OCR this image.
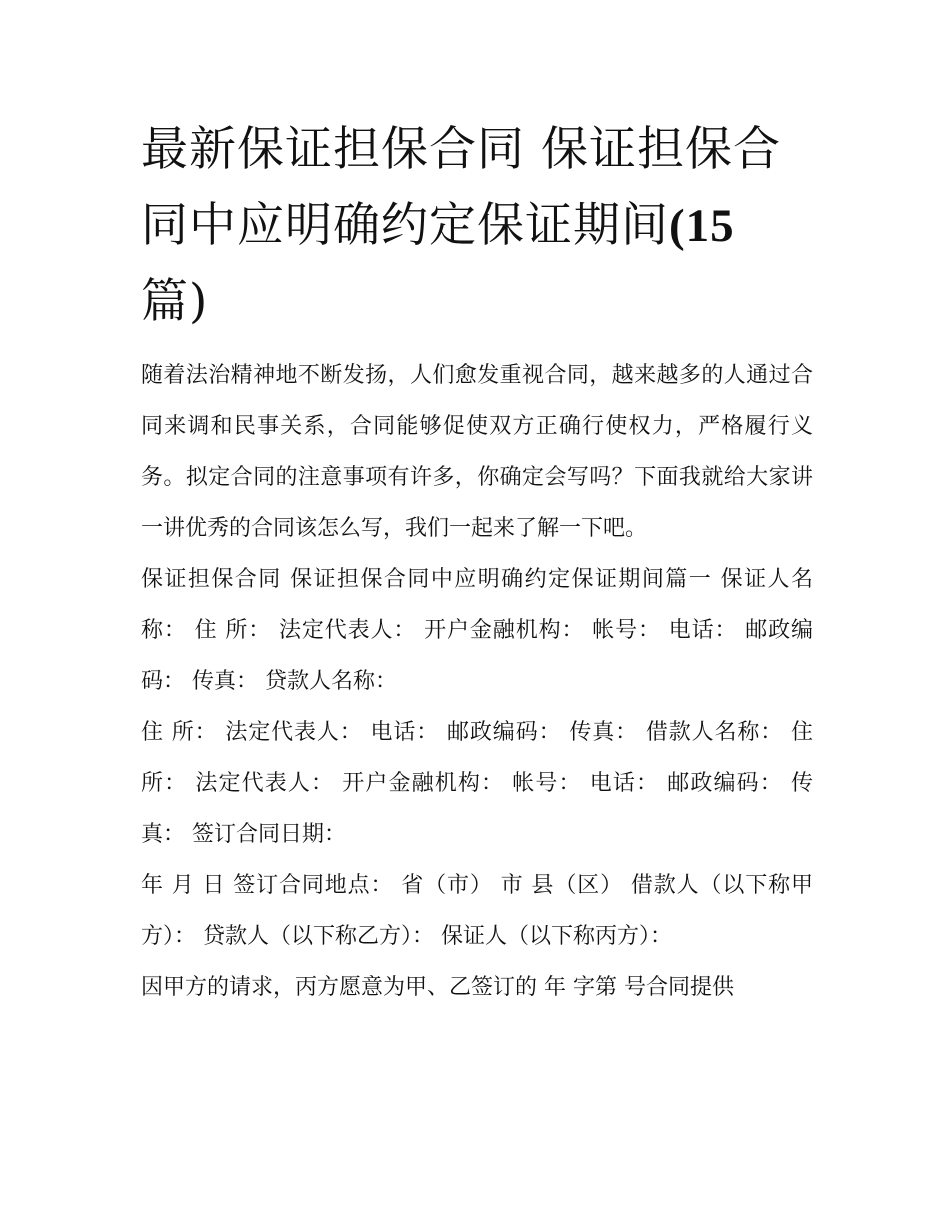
最新保证担保合同 保证担保合同中应明确约定保证期间(15
篇)

随着法治精神地不断发扬，人们愈发重视合同，越来越多的人通过合同来调和民事关系，合同能够促使双方正确行使权力，严格履行义务。拟定合同的注意事项有许多，你确定会写吗？下面我就给大家讲一讲优秀的合同该怎么写，我们一起来了解一下吧。

保证担保合同 保证担保合同中应明确约定保证期间篇一 保证人名称： 住 所： 法定代表人： 开户金融机构： 帐号： 电话： 邮政编码： 传真： 贷款人名称：

住 所： 法定代表人： 电话： 邮政编码： 传真： 借款人名称： 住 所： 法定代表人： 开户金融机构： 帐号： 电话： 邮政编码： 传真： 签订合同日期：

年 月 日 签订合同地点： 省（市） 市 县（区） 借款人（以下称甲方）： 贷款人（以下称乙方）： 保证人（以下称丙方）：

因甲方的请求，丙方愿意为甲、乙签订的 年 字第 号合同提供
